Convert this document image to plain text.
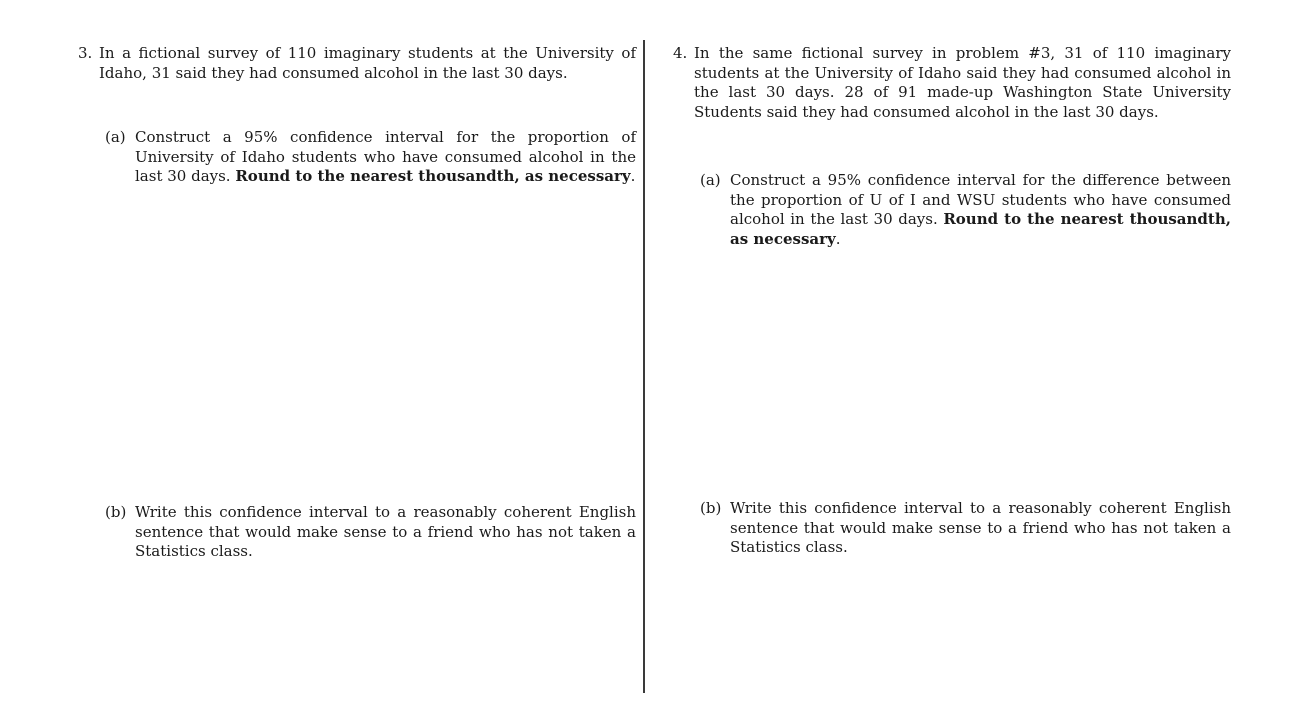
3. In a fictional survey of 110 imaginary students at the University of Idaho, 31 said they had consumed alcohol in the last 30 days.
(a) Construct a 95% confidence interval for the proportion of University of Idaho students who have consumed alcohol in the last 30 days. Round to the nearest thousandth, as necessary.
(b) Write this confidence interval to a reasonably coherent English sentence that would make sense to a friend who has not taken a Statistics class.
4. In the same fictional survey in problem #3, 31 of 110 imaginary students at the University of Idaho said they had consumed alcohol in the last 30 days. 28 of 91 made-up Washington State University Students said they had consumed alcohol in the last 30 days.
(a) Construct a 95% confidence interval for the difference between the proportion of U of I and WSU students who have consumed alcohol in the last 30 days. Round to the nearest thousandth, as necessary.
(b) Write this confidence interval to a reasonably coherent English sentence that would make sense to a friend who has not taken a Statistics class.
